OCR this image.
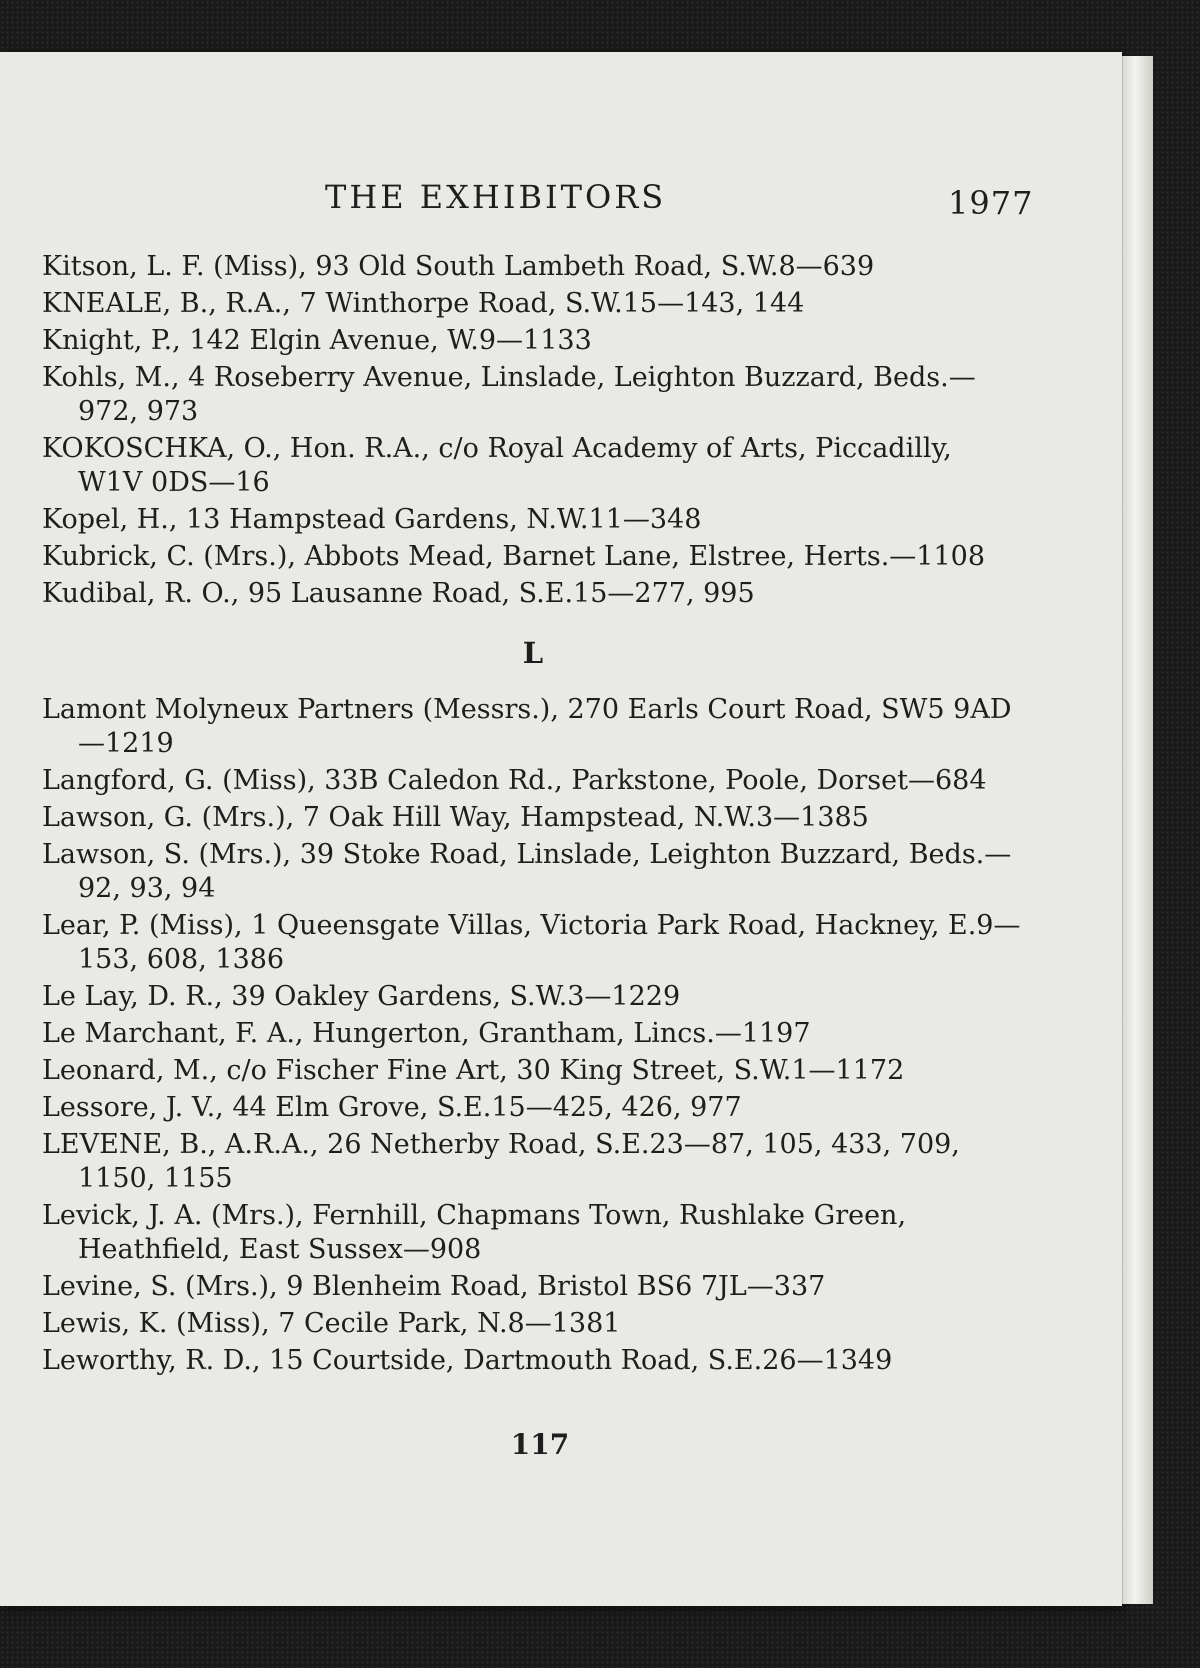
THE EXHIBITORS	1977
Kitson, L. F. (Miss), 93 Old South Lambeth Road, S.W.8—639
KNEALE, B., R.A., 7 Winthorpe Road, S.W.15—143, 144
Knight, P., 142 Elgin Avenue, W.9—1133
Kohls, M., 4 Roseberry Avenue, Linslade, Leighton Buzzard, Beds.—972, 973
KOKOSCHKA, O., Hon. R.A., c/o Royal Academy of Arts, Piccadilly, W1V 0DS—16
Kopel, H., 13 Hampstead Gardens, N.W.11—348
Kubrick, C. (Mrs.), Abbots Mead, Barnet Lane, Elstree, Herts.—1108
Kudibal, R. O., 95 Lausanne Road, S.E.15—277, 995
L
Lamont Molyneux Partners (Messrs.), 270 Earls Court Road, SW5 9AD—1219
Langford, G. (Miss), 33B Caledon Rd., Parkstone, Poole, Dorset—684
Lawson, G. (Mrs.), 7 Oak Hill Way, Hampstead, N.W.3—1385
Lawson, S. (Mrs.), 39 Stoke Road, Linslade, Leighton Buzzard, Beds.—92, 93, 94
Lear, P. (Miss), 1 Queensgate Villas, Victoria Park Road, Hackney, E.9—153, 608, 1386
Le Lay, D. R., 39 Oakley Gardens, S.W.3—1229
Le Marchant, F. A., Hungerton, Grantham, Lincs.—1197
Leonard, M., c/o Fischer Fine Art, 30 King Street, S.W.1—1172
Lessore, J. V., 44 Elm Grove, S.E.15—425, 426, 977
LEVENE, B., A.R.A., 26 Netherby Road, S.E.23—87, 105, 433, 709, 1150, 1155
Levick, J. A. (Mrs.), Fernhill, Chapmans Town, Rushlake Green, Heathfield, East Sussex—908
Levine, S. (Mrs.), 9 Blenheim Road, Bristol BS6 7JL—337
Lewis, K. (Miss), 7 Cecile Park, N.8—1381
Leworthy, R. D., 15 Courtside, Dartmouth Road, S.E.26—1349
117
